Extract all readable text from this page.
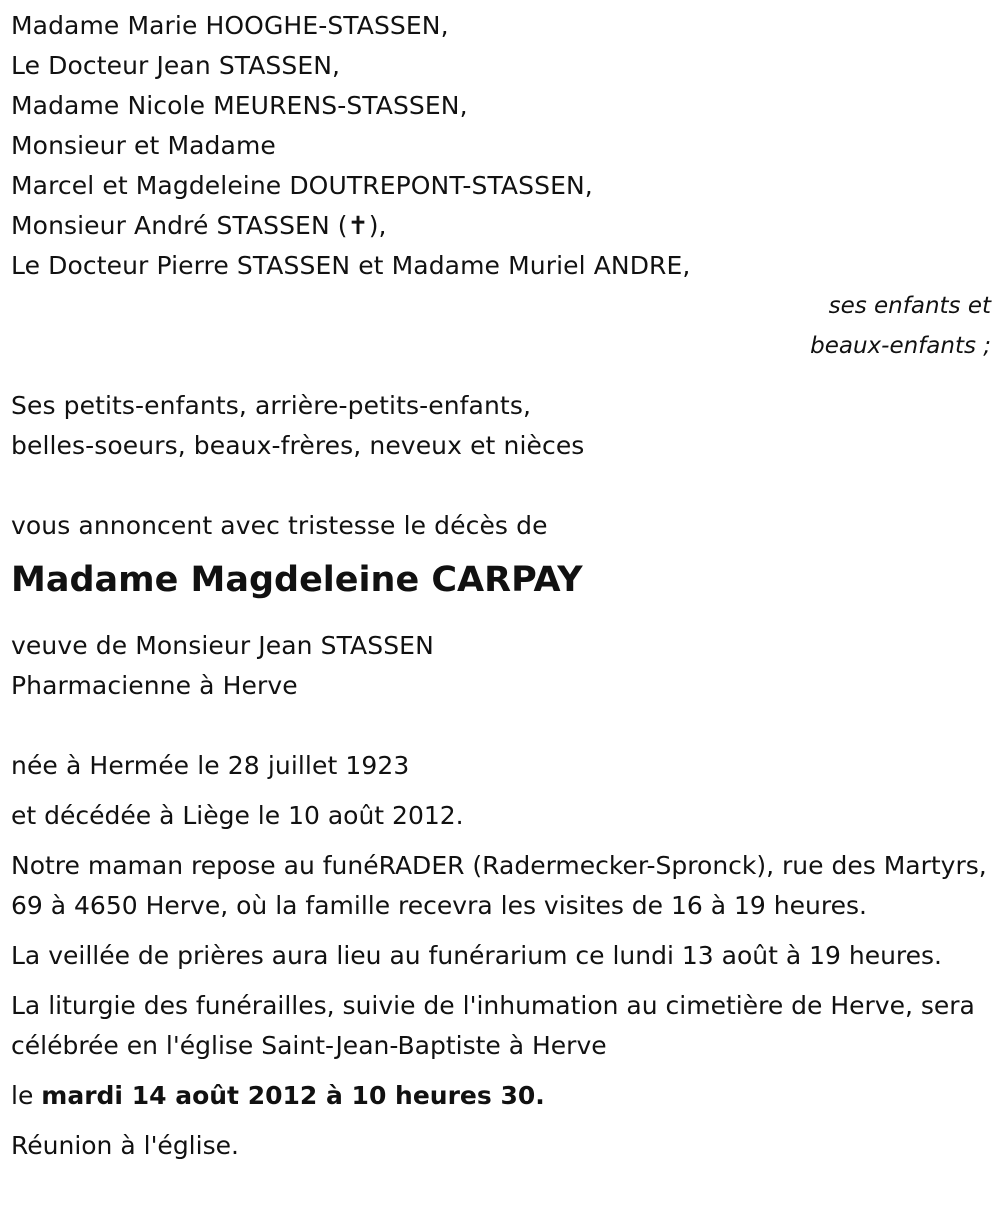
Madame Marie HOOGHE-STASSEN,
Le Docteur Jean STASSEN,
Madame Nicole MEURENS-STASSEN,
Monsieur et Madame
Marcel et Magdeleine DOUTREPONT-STASSEN,
Monsieur André STASSEN (✝),
Le Docteur Pierre STASSEN et Madame Muriel ANDRE,
ses enfants et
beaux-enfants ;
Ses petits-enfants, arrière-petits-enfants,
belles-soeurs, beaux-frères, neveux et nièces
vous annoncent avec tristesse le décès de
Madame Magdeleine CARPAY
veuve de Monsieur Jean STASSEN
Pharmacienne à Herve
née à Hermée le 28 juillet 1923
et décédée à Liège le 10 août 2012.
Notre maman repose au funéRADER (Radermecker-Spronck), rue des Martyrs, 69 à 4650 Herve, où la famille recevra les visites de 16 à 19 heures.
La veillée de prières aura lieu au funérarium ce lundi 13 août à 19 heures.
La liturgie des funérailles, suivie de l'inhumation au cimetière de Herve, sera célébrée en l'église Saint-Jean-Baptiste à Herve
le mardi 14 août 2012 à 10 heures 30.
Réunion à l'église.
